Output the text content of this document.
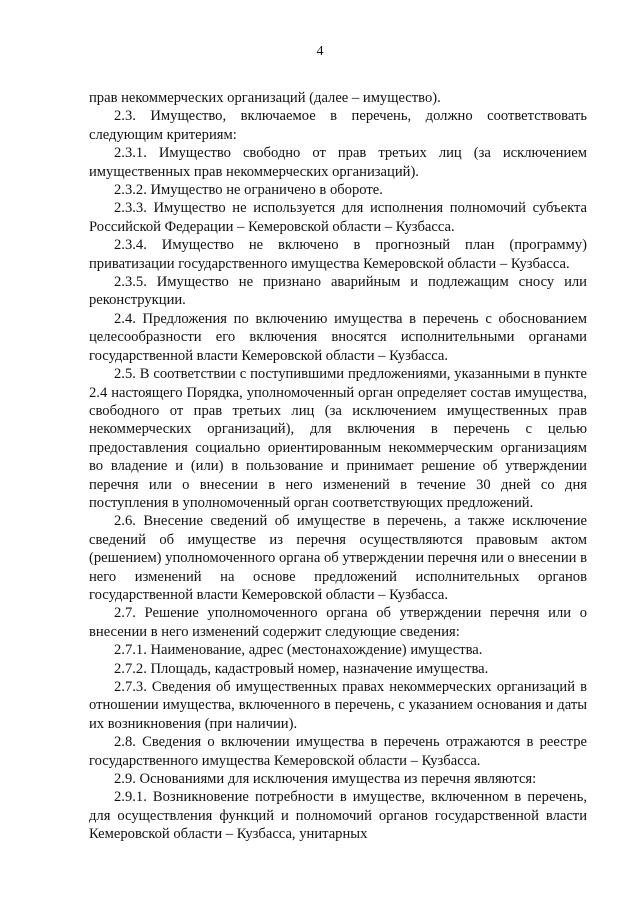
4

прав некоммерческих организаций (далее – имущество).

2.3. Имущество, включаемое в перечень, должно соответствовать следующим критериям:

2.3.1. Имущество свободно от прав третьих лиц (за исключением имущественных прав некоммерческих организаций).

2.3.2. Имущество не ограничено в обороте.

2.3.3. Имущество не используется для исполнения полномочий субъекта Российской Федерации – Кемеровской области – Кузбасса.

2.3.4. Имущество не включено в прогнозный план (программу) приватизации государственного имущества Кемеровской области – Кузбасса.

2.3.5. Имущество не признано аварийным и подлежащим сносу или реконструкции.

2.4. Предложения по включению имущества в перечень с обоснованием целесообразности его включения вносятся исполнительными органами государственной власти Кемеровской области – Кузбасса.

2.5. В соответствии с поступившими предложениями, указанными в пункте 2.4 настоящего Порядка, уполномоченный орган определяет состав имущества, свободного от прав третьих лиц (за исключением имущественных прав некоммерческих организаций), для включения в перечень с целью предоставления социально ориентированным некоммерческим организациям во владение и (или) в пользование и принимает решение об утверждении перечня или о внесении в него изменений в течение 30 дней со дня поступления в уполномоченный орган соответствующих предложений.

2.6. Внесение сведений об имуществе в перечень, а также исключение сведений об имуществе из перечня осуществляются правовым актом (решением) уполномоченного органа об утверждении перечня или о внесении в него изменений на основе предложений исполнительных органов государственной власти Кемеровской области – Кузбасса.

2.7. Решение уполномоченного органа об утверждении перечня или о внесении в него изменений содержит следующие сведения:

2.7.1. Наименование, адрес (местонахождение) имущества.

2.7.2. Площадь, кадастровый номер, назначение имущества.

2.7.3. Сведения об имущественных правах некоммерческих организаций в отношении имущества, включенного в перечень, с указанием основания и даты их возникновения (при наличии).

2.8. Сведения о включении имущества в перечень отражаются в реестре государственного имущества Кемеровской области – Кузбасса.

2.9. Основаниями для исключения имущества из перечня являются:

2.9.1. Возникновение потребности в имуществе, включенном в перечень, для осуществления функций и полномочий органов государственной власти Кемеровской области – Кузбасса, унитарных
